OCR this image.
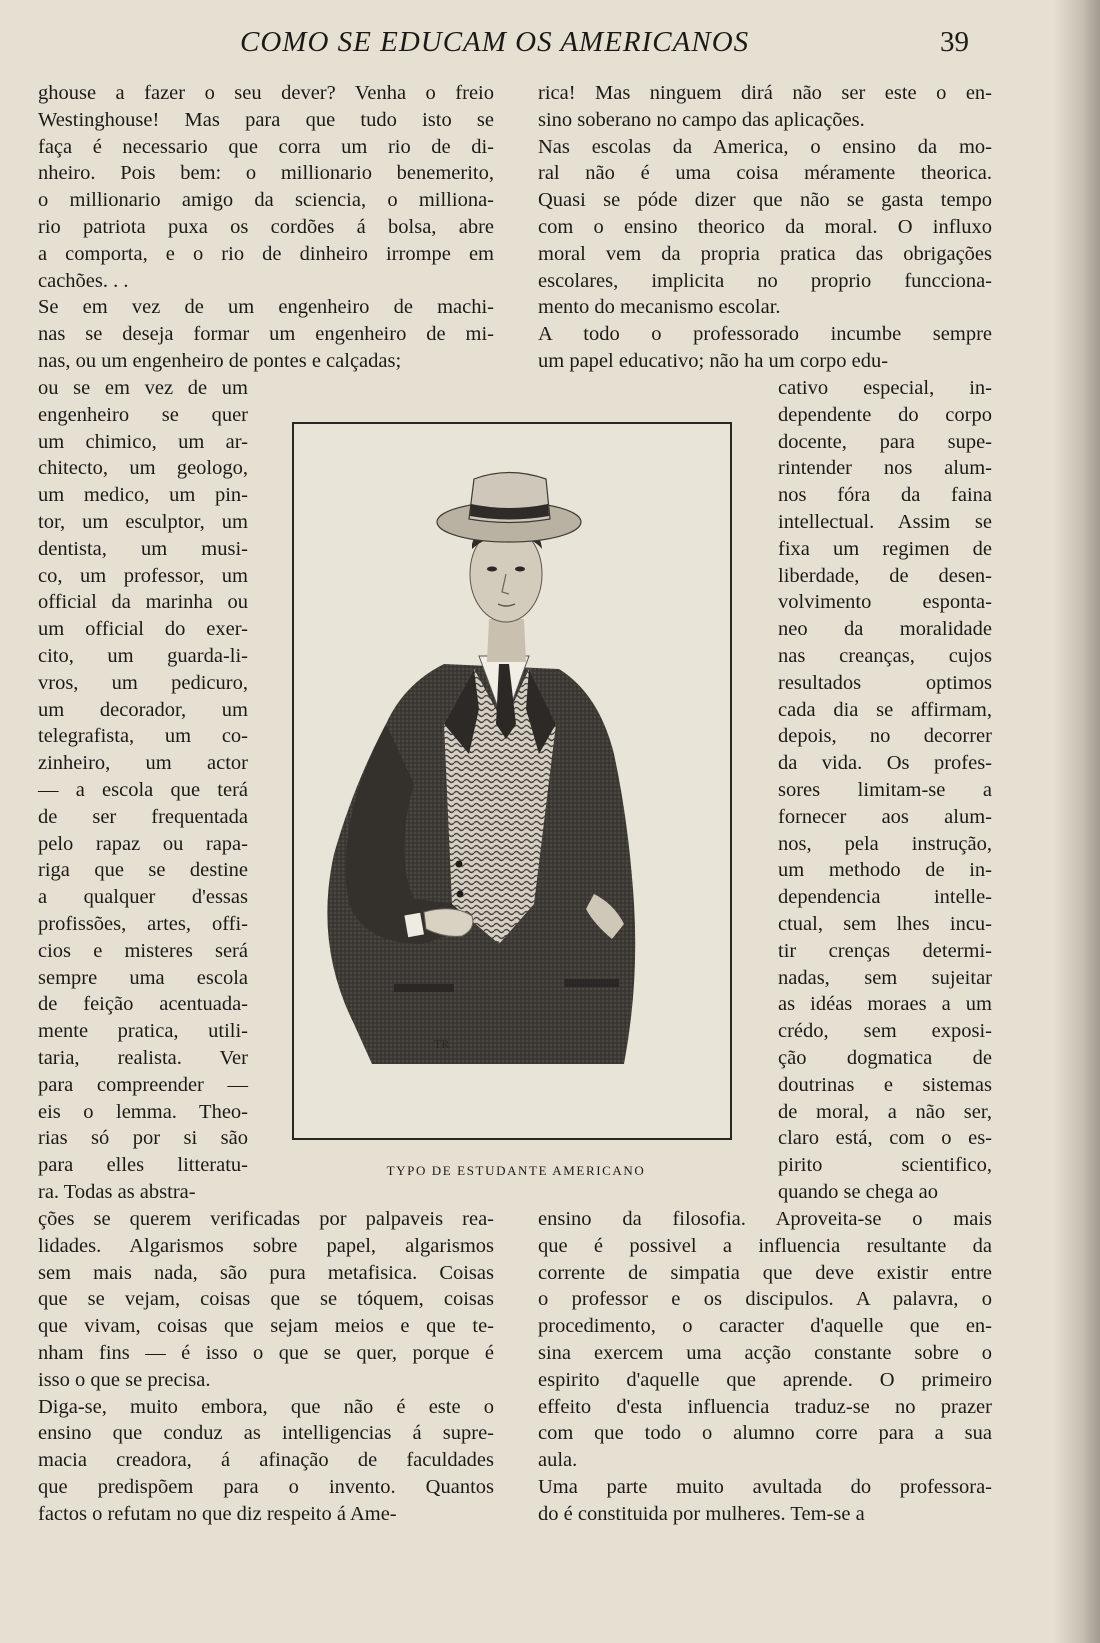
COMO SE EDUCAM OS AMERICANOS	39
ghouse a fazer o seu dever? Venha o freio
Westinghouse! Mas para que tudo isto se
faça é necessario que corra um rio de di-
nheiro. Pois bem: o millionario benemerito,
o millionario amigo da sciencia, o milliona-
rio patriota puxa os cordões á bolsa, abre
a comporta, e o rio de dinheiro irrompe em
cachões. . .
Se em vez de um engenheiro de machi-
nas se deseja formar um engenheiro de mi-
nas, ou um engenheiro de pontes e calçadas;
ou se em vez de um
engenheiro se quer
um chimico, um ar-
chitecto, um geologo,
um medico, um pin-
tor, um esculptor, um
dentista, um musi-
co, um professor, um
official da marinha ou
um official do exer-
cito, um guarda-li-
vros, um pedicuro,
um decorador, um
telegrafista, um co-
zinheiro, um actor
— a escola que terá
de ser frequentada
pelo rapaz ou rapa-
riga que se destine
a qualquer d'essas
profissões, artes, offi-
cios e misteres será
sempre uma escola
de feição acentuada-
mente pratica, utili-
taria, realista. Ver
para compreender —
eis o lemma. Theo-
rias só por si são
para elles litteratu-
ra. Todas as abstra-
ções se querem verificadas por palpaveis rea-
lidades. Algarismos sobre papel, algarismos
sem mais nada, são pura metafisica. Coisas
que se vejam, coisas que se tóquem, coisas
que vivam, coisas que sejam meios e que te-
nham fins — é isso o que se quer, porque é
isso o que se precisa.
Diga-se, muito embora, que não é este o
ensino que conduz as intelligencias á supre-
macia creadora, á afinação de faculdades
que predispõem para o invento. Quantos
factos o refutam no que diz respeito á Ame-
rica! Mas ninguem dirá não ser este o en-
sino soberano no campo das aplicações.
Nas escolas da America, o ensino da mo-
ral não é uma coisa méramente theorica.
Quasi se póde dizer que não se gasta tempo
com o ensino theorico da moral. O influxo
moral vem da propria pratica das obrigações
escolares, implicita no proprio funcciona-
mento do mecanismo escolar.
A todo o professorado incumbe sempre
um papel educativo; não ha um corpo edu-
cativo especial, in-
dependente do corpo
docente, para supe-
rintender nos alum-
nos fóra da faina
intellectual. Assim se
fixa um regimen de
liberdade, de desen-
volvimento esponta-
neo da moralidade
nas creanças, cujos
resultados optimos
cada dia se affirmam,
depois, no decorrer
da vida. Os profes-
sores limitam-se a
fornecer aos alum-
nos, pela instrução,
um methodo de in-
dependencia intelle-
ctual, sem lhes incu-
tir crenças determi-
nadas, sem sujeitar
as idéas moraes a um
crédo, sem exposi-
ção dogmatica de
doutrinas e sistemas
de moral, a não ser,
claro está, com o es-
pirito scientifico,
quando se chega ao
ensino da filosofia. Aproveita-se o mais
que é possivel a influencia resultante da
corrente de simpatia que deve existir entre
o professor e os discipulos. A palavra, o
procedimento, o caracter d'aquelle que en-
sina exercem uma acção constante sobre o
espirito d'aquelle que aprende. O primeiro
effeito d'esta influencia traduz-se no prazer
com que todo o alumno corre para a sua
aula.
Uma parte muito avultada do professora-
do é constituida por mulheres. Tem-se a
TR
TYPO DE ESTUDANTE AMERICANO
